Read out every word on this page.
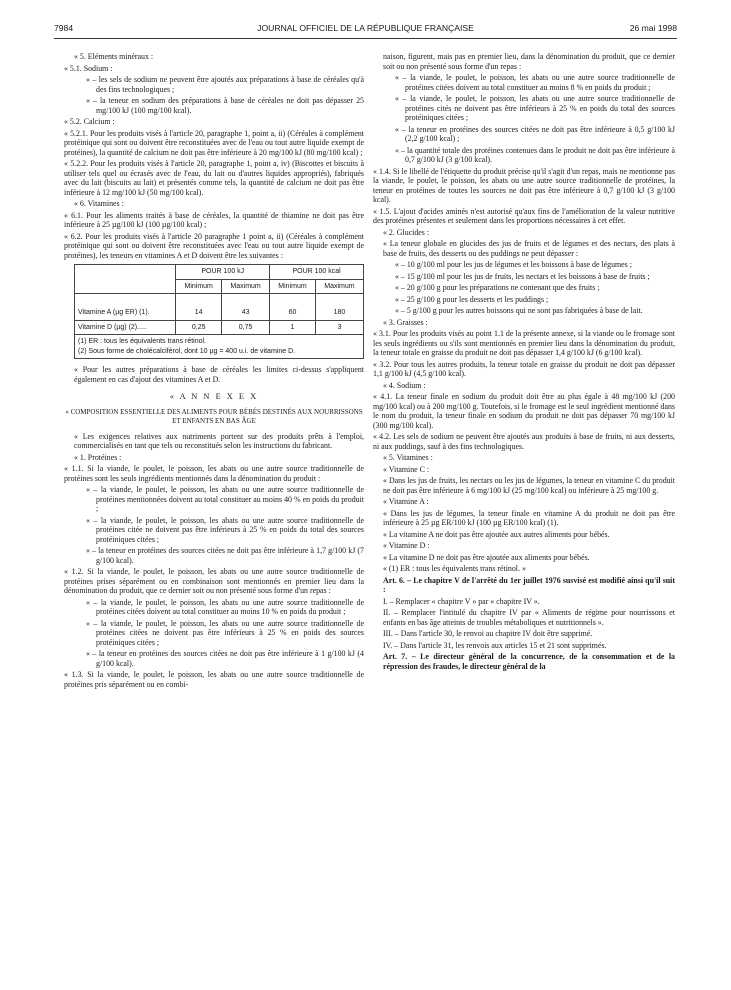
7984	JOURNAL OFFICIEL DE LA RÉPUBLIQUE FRANÇAISE	26 mai 1998

« 5. Eléments minéraux :

« 5.1. Sodium :

« – les sels de sodium ne peuvent être ajoutés aux préparations à base de céréales qu'à des fins technologiques ;

« – la teneur en sodium des préparations à base de céréales ne doit pas dépasser 25 mg/100 kJ (100 mg/100 kcal).

« 5.2. Calcium :

« 5.2.1. Pour les produits visés à l'article 20, paragraphe 1, point a, ii) (Céréales à complément protéinique qui sont ou doivent être reconstituées avec de l'eau ou tout autre liquide exempt de protéines), la quantité de calcium ne doit pas être inférieure à 20 mg/100 kJ (80 mg/100 kcal) ;

« 5.2.2. Pour les produits visés à l'article 20, paragraphe 1, point a, iv) (Biscottes et biscuits à utiliser tels quel ou écrasés avec de l'eau, du lait ou d'autres liquides appropriés), fabriqués avec du lait (biscuits au lait) et présentés comme tels, la quantité de calcium ne doit pas être inférieure à 12 mg/100 kJ (50 mg/100 kcal).

« 6. Vitamines :

« 6.1. Pour les aliments traités à base de céréales, la quantité de thiamine ne doit pas être inférieure à 25 µg/100 kJ (100 µg/100 kcal) ;

« 6.2. Pour les produits visés à l'article 20 paragraphe 1 point a, ii) (Céréales à complément protéinique qui sont ou doivent être reconstituées avec l'eau ou tout autre liquide exempt de protéines), les teneurs en vitamines A et D doivent être les suivantes :

	POUR 100 kJ		POUR 100 kcal	
	Minimum	Maximum	Minimum	Maximum
Vitamine A (µg ER) (1).	14	43	60	180
Vitamine D (µg) (2).....	0,25	0,75	1	3

(1) ER : tous les équivalents trans rétinol.
(2) Sous forme de cholécalciférol, dont 10 µg = 400 u.i. de vitamine D.				

« Pour les autres préparations à base de céréales les limites ci-dessus s'appliquent également en cas d'ajout des vitamines A et D.

« A N N E X E X
« COMPOSITION ESSENTIELLE DES ALIMENTS POUR BÉBÉS DESTINÉS AUX NOURRISSONS ET ENFANTS EN BAS ÂGE

« Les exigences relatives aux nutriments portent sur des produits prêts à l'emploi, commercialisés en tant que tels ou reconstitués selon les instructions du fabricant.

« 1. Protéines :

« 1.1. Si la viande, le poulet, le poisson, les abats ou une autre source traditionnelle de protéines sont les seuls ingrédients mentionnés dans la dénomination du produit :

« – la viande, le poulet, le poisson, les abats ou une autre source traditionnelle de protéines mentionnées doivent au total constituer au moins 40 % en poids du produit ;

« – la viande, le poulet, le poisson, les abats ou une autre source traditionnelle de protéines citée ne doivent pas être inférieurs à 25 % en poids du total des sources protéiniques citées ;

« – la teneur en protéines des sources citées ne doit pas être inférieure à 1,7 g/100 kJ (7 g/100 kcal).

« 1.2. Si la viande, le poulet, le poisson, les abats ou une autre source traditionnelle de protéines prises séparément ou en combinaison sont mentionnés en premier lieu dans la dénomination du produit, que ce dernier soit ou non présenté sous forme d'un repas :

« – la viande, le poulet, le poisson, les abats ou une autre source traditionnelle de protéines citées doivent au total constituer au moins 10 % en poids du produit ;

« – la viande, le poulet, le poisson, les abats ou une autre source traditionnelle de protéines citées ne doivent pas être inférieurs à 25 % en poids des sources protéiniques citées ;

« – la teneur en protéines des sources citées ne doit pas être inférieure à 1 g/100 kJ (4 g/100 kcal).

« 1.3. Si la viande, le poulet, le poisson, les abats ou une autre source traditionnelle de protéines pris séparément ou en combi-

naison, figurent, mais pas en premier lieu, dans la dénomination du produit, que ce dernier soit ou non présenté sous forme d'un repas :

« – la viande, le poulet, le poisson, les abats ou une autre source traditionnelle de protéines citées doivent au total constituer au moins 8 % en poids du produit ;

« – la viande, le poulet, le poisson, les abats ou une autre source traditionnelle de protéines cités ne doivent pas être inférieurs à 25 % en poids du total des sources protéiniques citées ;

« – la teneur en protéines des sources citées ne doit pas être inférieure à 0,5 g/100 kJ (2,2 g/100 kcal) ;

« – la quantité totale des protéines contenues dans le produit ne doit pas être inférieure à 0,7 g/100 kJ (3 g/100 kcal).

« 1.4. Si le libellé de l'étiquette du produit précise qu'il s'agit d'un repas, mais ne mentionne pas la viande, le poulet, le poisson, les abats ou une autre source traditionnelle de protéines, la teneur en protéines de toutes les sources ne doit pas être inférieure à 0,7 g/100 kJ (3 g/100 kcal).

« 1.5. L'ajout d'acides aminés n'est autorisé qu'aux fins de l'amélioration de la valeur nutritive des protéines présentes et seulement dans les proportions nécessaires à cet effet.

« 2. Glucides :

« La teneur globale en glucides des jus de fruits et de légumes et des nectars, des plats à base de fruits, des desserts ou des puddings ne peut dépasser :

« – 10 g/100 ml pour les jus de légumes et les boissons à base de légumes ;

« – 15 g/100 ml pour les jus de fruits, les nectars et les boissons à base de fruits ;

« – 20 g/100 g pour les préparations ne contenant que des fruits ;

« – 25 g/100 g pour les desserts et les puddings ;

« – 5 g/100 g pour les autres boissons qui ne sont pas fabriquées à base de lait.

« 3. Graisses :

« 3.1. Pour les produits visés au point 1.1 de la présente annexe, si la viande ou le fromage sont les seuls ingrédients ou s'ils sont mentionnés en premier lieu dans la dénomination du produit, la teneur totale en graisse du produit ne doit pas dépasser 1,4 g/100 kJ (6 g/100 kcal).

« 3.2. Pour tous les autres produits, la teneur totale en graisse du produit ne doit pas dépasser 1,1 g/100 kJ (4,5 g/100 kcal).

« 4. Sodium :

« 4.1. La teneur finale en sodium du produit doit être au plus égale à 48 mg/100 kJ (200 mg/100 kcal) ou à 200 mg/100 g. Toutefois, si le fromage est le seul ingrédient mentionné dans le nom du produit, la teneur finale en sodium du produit ne doit pas dépasser 70 mg/100 kJ (300 mg/100 kcal).

« 4.2. Les sels de sodium ne peuvent être ajoutés aux produits à base de fruits, ni aux desserts, ni aux puddings, sauf à des fins technologiques.

« 5. Vitamines :

« Vitamine C :

« Dans les jus de fruits, les nectars ou les jus de légumes, la teneur en vitamine C du produit ne doit pas être inférieure à 6 mg/100 kJ (25 mg/100 kcal) ou inférieure à 25 mg/100 g.

« Vitamine A :

« Dans les jus de légumes, la teneur finale en vitamine A du produit ne doit pas être inférieure à 25 µg ER/100 kJ (100 µg ER/100 kcal) (1).

« La vitamine A ne doit pas être ajoutée aux autres aliments pour bébés.

« Vitamine D :

« La vitamine D ne doit pas être ajoutée aux aliments pour bébés.

« (1) ER : tous les équivalents trans rétinol. »

Art. 6. – Le chapitre V de l'arrêté du 1er juillet 1976 susvisé est modifié ainsi qu'il suit :

I. – Remplacer « chapitre V » par « chapitre IV ».

II. – Remplacer l'intitulé du chapitre IV par « Aliments de régime pour nourrissons et enfants en bas âge atteints de troubles métaboliques et nutritionnels ».

III. – Dans l'article 30, le renvoi au chapitre IV doit être supprimé.

IV. – Dans l'article 31, les renvois aux articles 15 et 21 sont supprimés.

Art. 7. – Le directeur général de la concurrence, de la consommation et de la répression des fraudes, le directeur général de la
